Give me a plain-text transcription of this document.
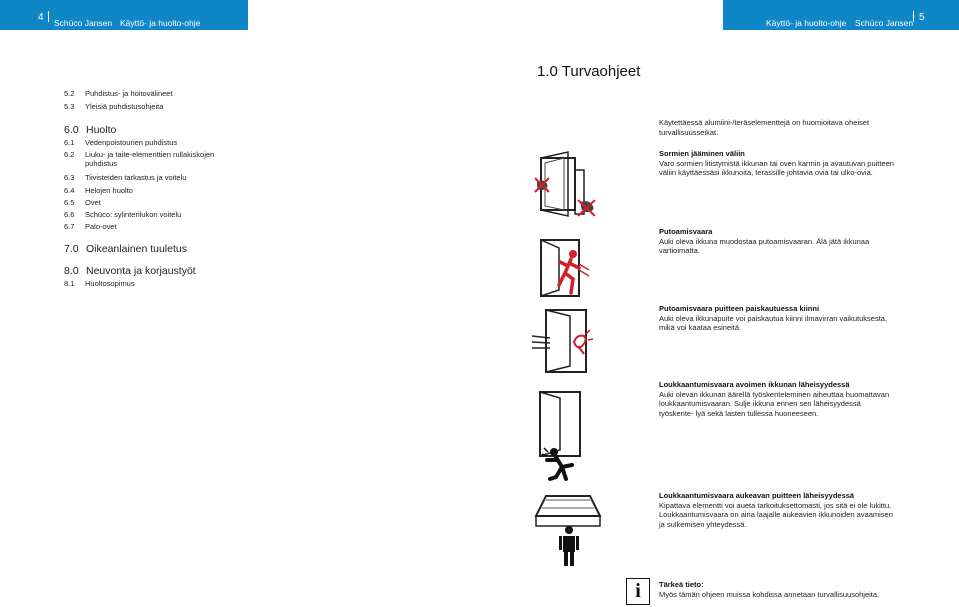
4 Schüco Jansen Käyttö- ja huolto-ohje	Käyttö- ja huolto-ohje Schüco Jansen 5
1.0 Turvaohjeet
5.2 Puhdistus- ja hoitovälineet
5.3 Yleisiä puhdistusohjeita
6.0 Huolto
6.1 Vedenpoistourien puhdistus
6.2 Liuku- ja taite-elementtien rullakiskojen
puhdistus
6.3 Tiivisteiden tarkastus ja voitelu
6.4 Helojen huolto
6.5 Ovet
6.6 Schüco: sylinterilukon voitelu
6.7 Palo-ovet
7.0 Oikeanlainen tuuletus
8.0 Neuvonta ja korjaustyöt
8.1 Huoltosopimus
Käytettäessä alumiini-/teräselementtejä on huomioitava oheiset turvallisuusseikat.
Sormien jääminen väliin
Varo sormien litistymistä ikkunan tai oven karmin ja avautuvan puitteen väliin käyttäessäsi ikkunoita, terassille johtavia ovia tai ulko-ovia.
Putoamisvaara
Auki oleva ikkuna muodostaa putoamisvaaran. Älä jätä ikkunaa vartioimatta.
Putoamisvaara puitteen paiskautuessa kiinni
Auki oleva ikkunapuite voi paiskautua kiinni ilmavirran vaikutuksesta, mikä voi kaataa esineitä.
Loukkaantumisvaara avoimen ikkunan läheisyydessä
Auki olevan ikkunan äärellä työskenteleminen aiheuttaa huomattavan loukkaantumisvaaran. Sulje ikkuna ennen sen läheisyydessä työskente- lyä sekä lasten tullessa huoneeseen.
Loukkaantumisvaara aukeavan puitteen läheisyydessä
Kipattava elementti voi aueta tarkoituksettomasti, jos sitä ei ole lukittu. Loukkaantumisvaara on aina laajalle aukeavien ikkunoiden avaamisen ja sulkemisen yhteydessä.
i	Tärkeä tieto:
Myös tämän ohjeen muissa kohdissa annetaan turvallisuusohjeita.
